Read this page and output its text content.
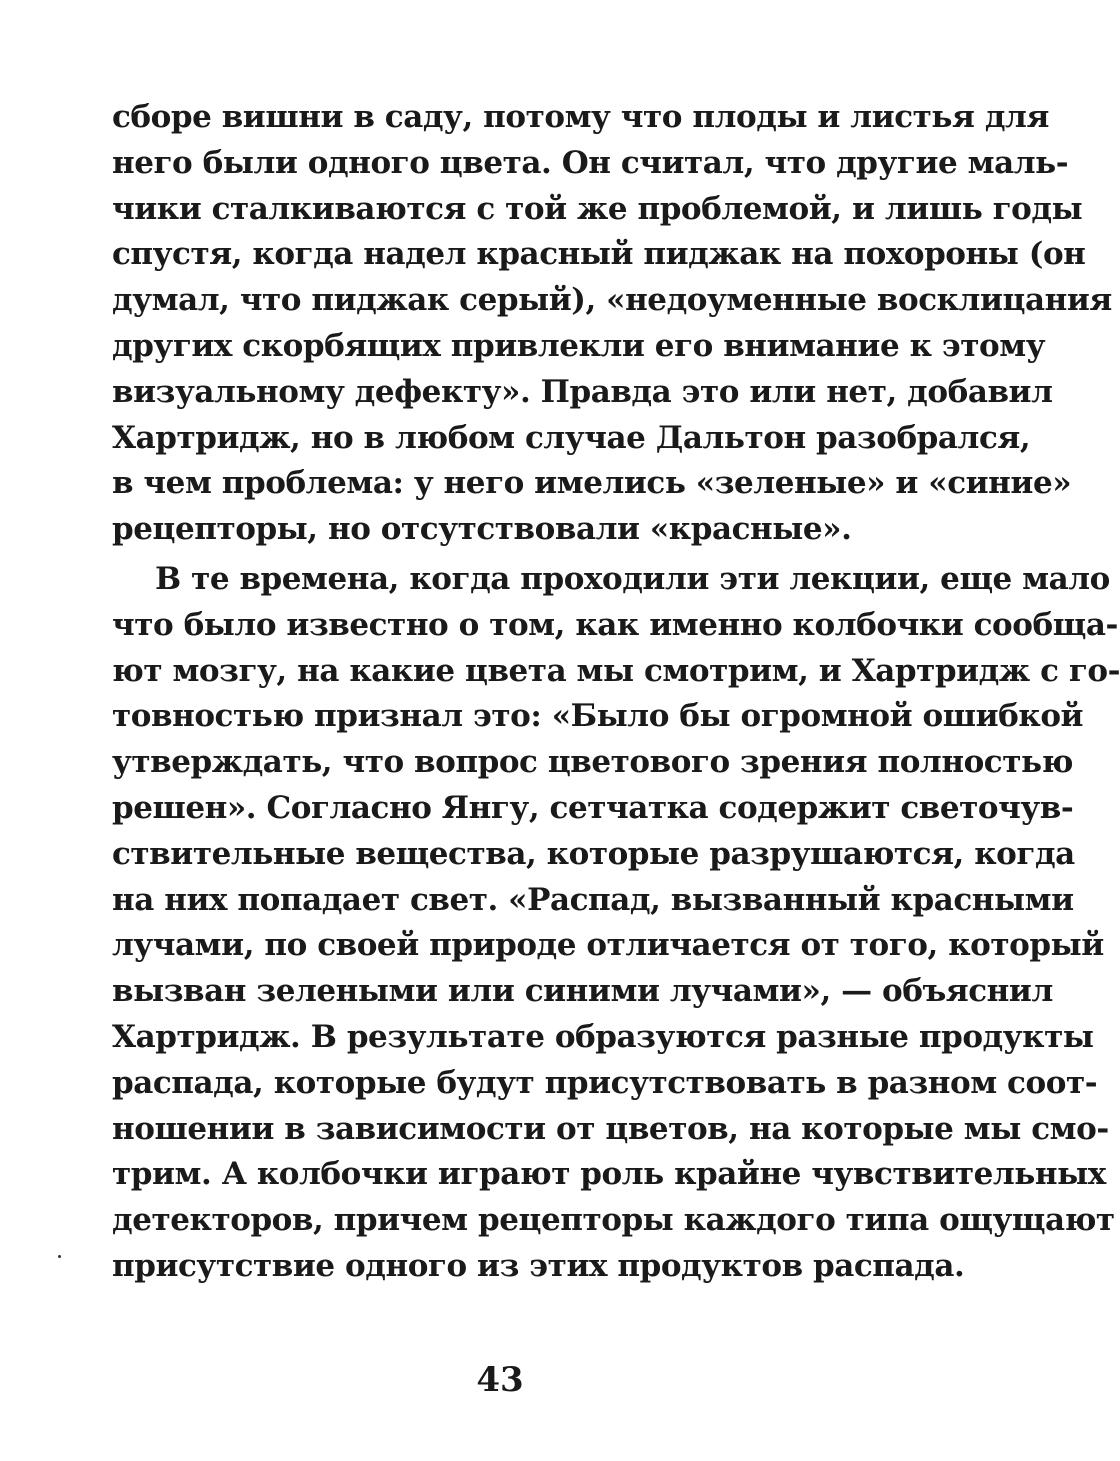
сборе вишни в саду, потому что плоды и листья для
него были одного цвета. Он считал, что другие маль-
чики сталкиваются с той же проблемой, и лишь годы
спустя, когда надел красный пиджак на похороны (он
думал, что пиджак серый), «недоуменные восклицания
других скорбящих привлекли его внимание к этому
визуальному дефекту». Правда это или нет, добавил
Хартридж, но в любом случае Дальтон разобрался,
в чем проблема: у него имелись «зеленые» и «синие»
рецепторы, но отсутствовали «красные».
В те времена, когда проходили эти лекции, еще мало
что было известно о том, как именно колбочки сообща-
ют мозгу, на какие цвета мы смотрим, и Хартридж с го-
товностью признал это: «Было бы огромной ошибкой
утверждать, что вопрос цветового зрения полностью
решен». Согласно Янгу, сетчатка содержит светочув-
ствительные вещества, которые разрушаются, когда
на них попадает свет. «Распад, вызванный красными
лучами, по своей природе отличается от того, который
вызван зелеными или синими лучами», — объяснил
Хартридж. В результате образуются разные продукты
распада, которые будут присутствовать в разном соот-
ношении в зависимости от цветов, на которые мы смо-
трим. А колбочки играют роль крайне чувствительных
детекторов, причем рецепторы каждого типа ощущают
присутствие одного из этих продуктов распада.
43
